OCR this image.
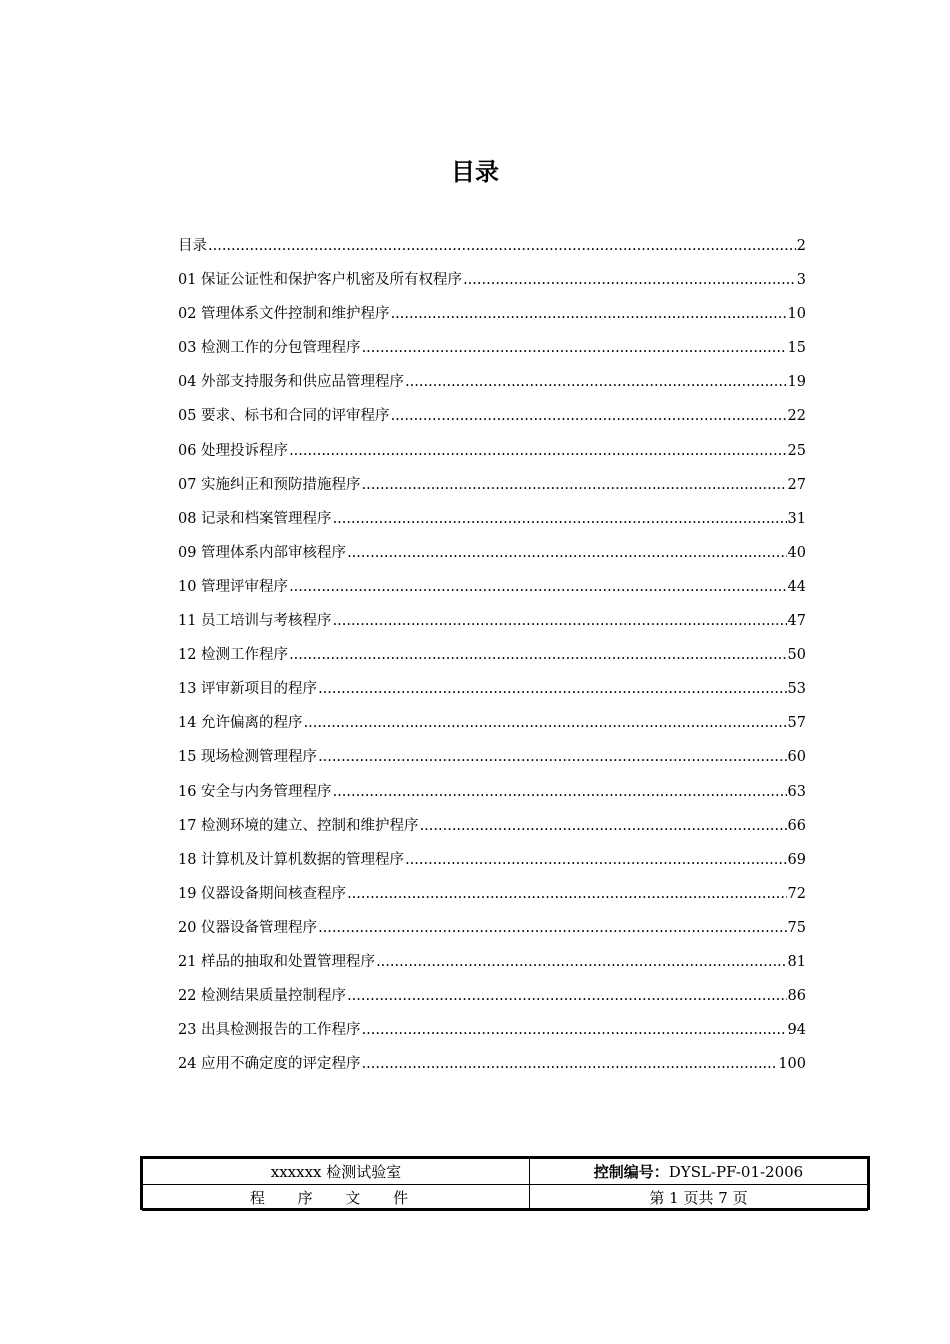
目录
目录 .....	2
01 保证公证性和保护客户机密及所有权程序 .....	3
02 管理体系文件控制和维护程序 .....	10
03 检测工作的分包管理程序 .....	15
04 外部支持服务和供应品管理程序 .....	19
05 要求、标书和合同的评审程序 .....	22
06 处理投诉程序 .....	25
07 实施纠正和预防措施程序 .....	27
08 记录和档案管理程序 .....	31
09 管理体系内部审核程序 .....	40
10 管理评审程序 .....	44
11 员工培训与考核程序 .....	47
12 检测工作程序 .....	50
13 评审新项目的程序 .....	53
14 允许偏离的程序 .....	57
15 现场检测管理程序 .....	60
16 安全与内务管理程序 .....	63
17 检测环境的建立、控制和维护程序 .....	66
18 计算机及计算机数据的管理程序 .....	69
19 仪器设备期间核查程序 .....	72
20 仪器设备管理程序 .....	75
21 样品的抽取和处置管理程序 .....	81
22 检测结果质量控制程序 .....	86
23 出具检测报告的工作程序 .....	94
24 应用不确定度的评定程序 .....	100
xxxxxx 检测试验室	控制编号：DYSL-PF-01-2006
程 序 文 件	第 1 页共 7 页
